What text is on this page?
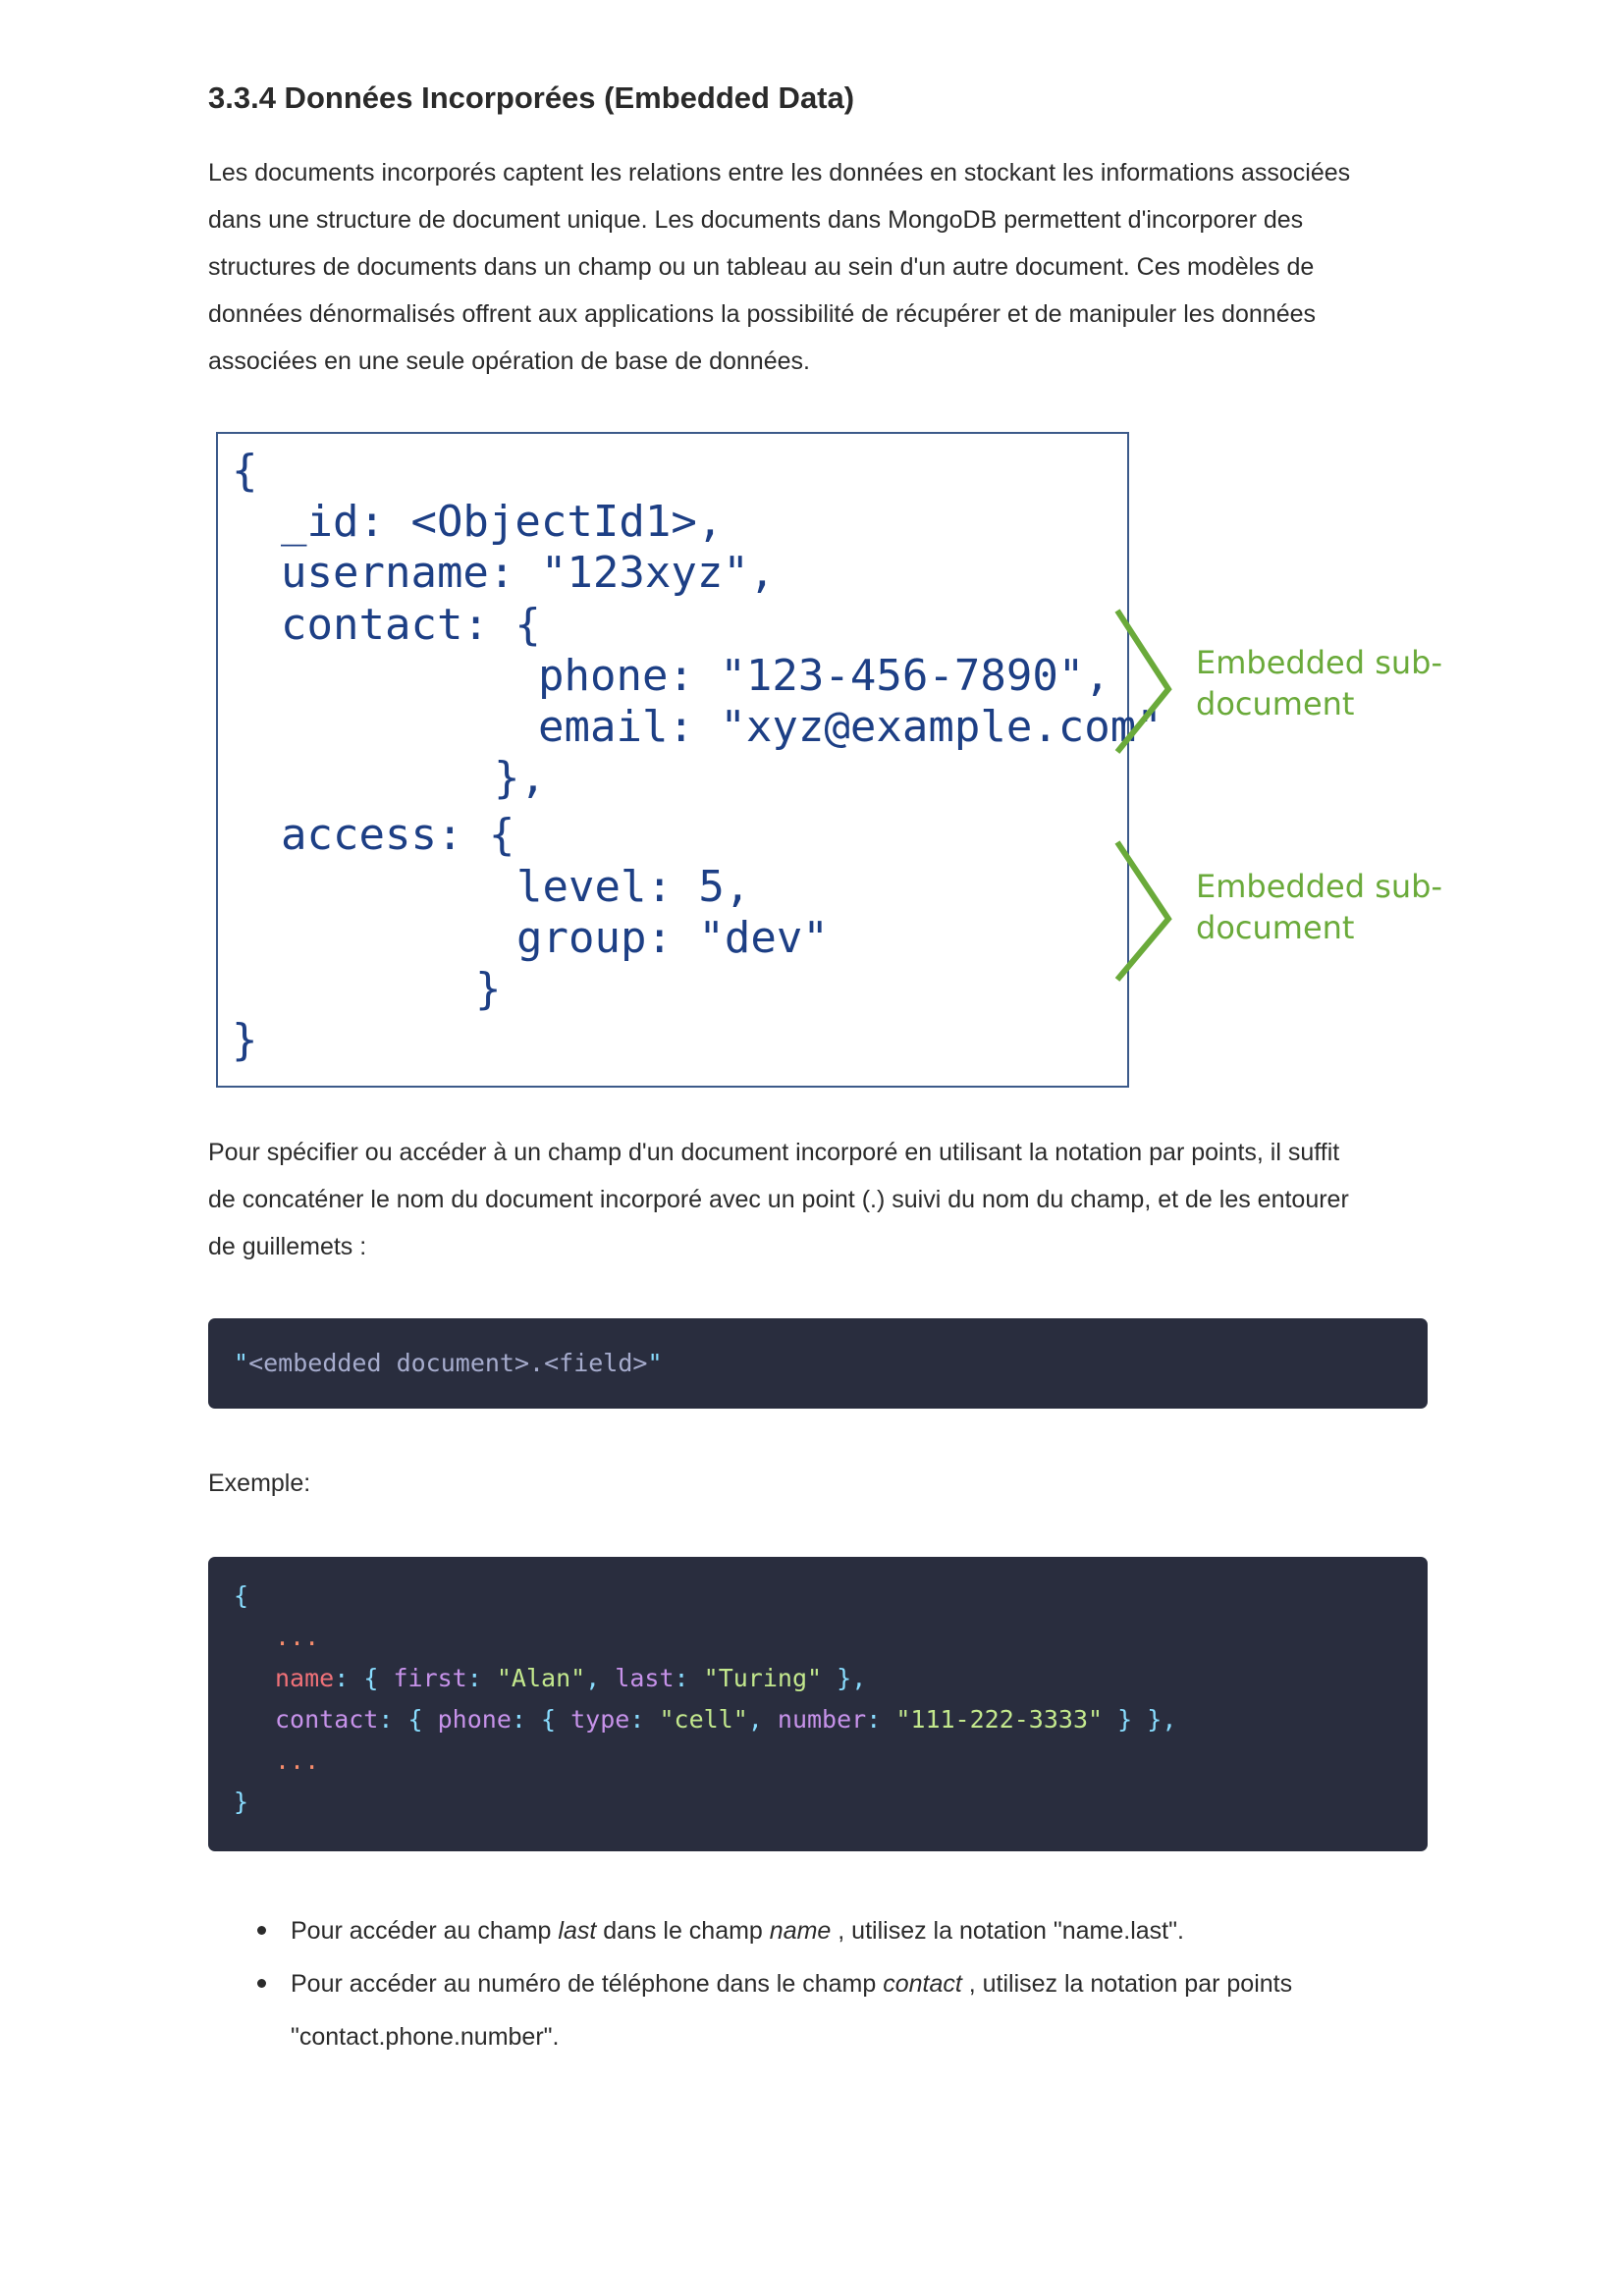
3.3.4 Données Incorporées (Embedded Data)
Les documents incorporés captent les relations entre les données en stockant les informations associées
dans une structure de document unique. Les documents dans MongoDB permettent d'incorporer des
structures de documents dans un champ ou un tableau au sein d'un autre document. Ces modèles de
données dénormalisés offrent aux applications la possibilité de récupérer et de manipuler les données
associées en une seule opération de base de données.
{
_id: <ObjectId1>,
username: "123xyz",
contact: {
phone: "123-456-7890",
email: "xyz@example.com"
},
access: {
level: 5,
group: "dev"
}
}
Embedded sub-
document
Embedded sub-
document
Pour spécifier ou accéder à un champ d'un document incorporé en utilisant la notation par points, il suffit
de concaténer le nom du document incorporé avec un point (.) suivi du nom du champ, et de les entourer
de guillemets :
"<embedded document>.<field>"
Exemple:
{
...
name: { first: "Alan", last: "Turing" },
contact: { phone: { type: "cell", number: "111-222-3333" } },
...
}
Pour accéder au champ last dans le champ name , utilisez la notation "name.last".
Pour accéder au numéro de téléphone dans le champ contact , utilisez la notation par points
"contact.phone.number".
